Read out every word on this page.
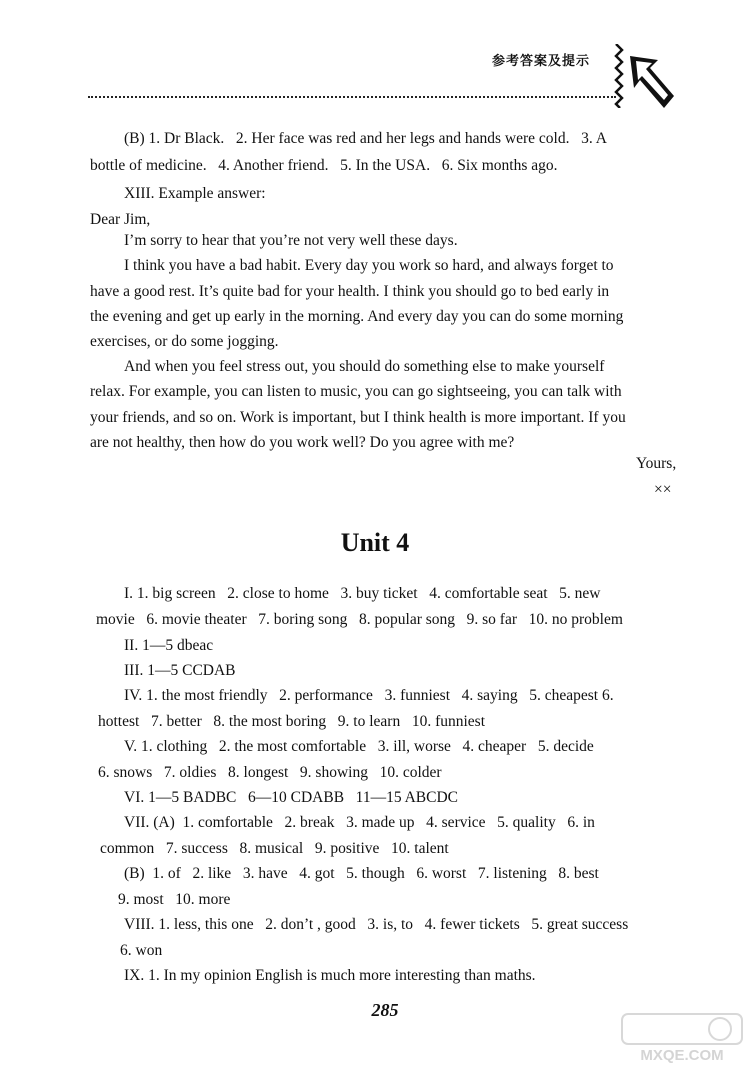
参考答案及提示
(B) 1. Dr Black.   2. Her face was red and her legs and hands were cold.   3. A
bottle of medicine.   4. Another friend.   5. In the USA.   6. Six months ago.
XIII. Example answer:
Dear Jim,
I’m sorry to hear that you’re not very well these days.
I think you have a bad habit. Every day you work so hard, and always forget to
have a good rest. It’s quite bad for your health. I think you should go to bed early in
the evening and get up early in the morning. And every day you can do some morning
exercises, or do some jogging.
And when you feel stress out, you should do something else to make yourself
relax. For example, you can listen to music, you can go sightseeing, you can talk with
your friends, and so on. Work is important, but I think health is more important. If you
are not healthy, then how do you work well? Do you agree with me?
Yours,
××
Unit 4
I. 1. big screen   2. close to home   3. buy ticket   4. comfortable seat   5. new
movie   6. movie theater   7. boring song   8. popular song   9. so far   10. no problem
II. 1—5 dbeac
III. 1—5 CCDAB
IV. 1. the most friendly   2. performance   3. funniest   4. saying   5. cheapest 6.
hottest   7. better   8. the most boring   9. to learn   10. funniest
V. 1. clothing   2. the most comfortable   3. ill, worse   4. cheaper   5. decide
6. snows   7. oldies   8. longest   9. showing   10. colder
VI. 1—5 BADBC   6—10 CDABB   11—15 ABCDC
VII. (A)  1. comfortable   2. break   3. made up   4. service   5. quality   6. in
common   7. success   8. musical   9. positive   10. talent
(B)  1. of   2. like   3. have   4. got   5. though   6. worst   7. listening   8. best
9. most   10. more
VIII. 1. less, this one   2. don’t , good   3. is, to   4. fewer tickets   5. great success
6. won
IX. 1. In my opinion English is much more interesting than maths.
285
MXQE.COM
